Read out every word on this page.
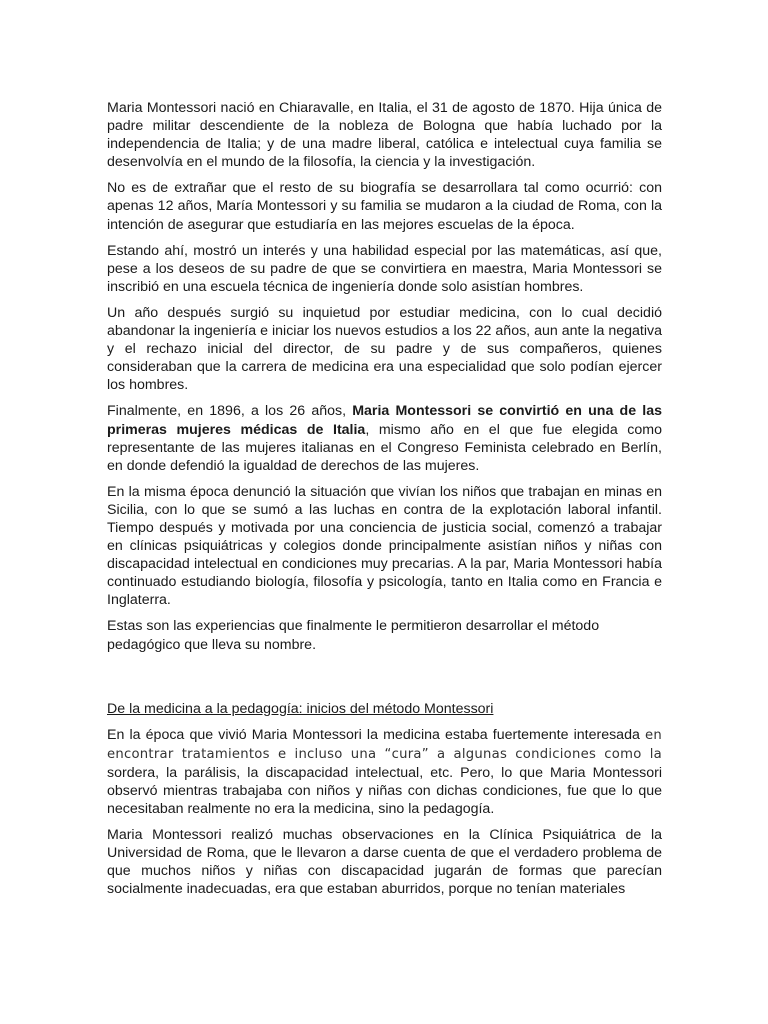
Maria Montessori nació en Chiaravalle, en Italia, el 31 de agosto de 1870. Hija única de padre militar descendiente de la nobleza de Bologna que había luchado por la independencia de Italia; y de una madre liberal, católica e intelectual cuya familia se desenvolvía en el mundo de la filosofía, la ciencia y la investigación.

No es de extrañar que el resto de su biografía se desarrollara tal como ocurrió: con apenas 12 años, María Montessori y su familia se mudaron a la ciudad de Roma, con la intención de asegurar que estudiaría en las mejores escuelas de la época.

Estando ahí, mostró un interés y una habilidad especial por las matemáticas, así que, pese a los deseos de su padre de que se convirtiera en maestra, Maria Montessori se inscribió en una escuela técnica de ingeniería donde solo asistían hombres.

Un año después surgió su inquietud por estudiar medicina, con lo cual decidió abandonar la ingeniería e iniciar los nuevos estudios a los 22 años, aun ante la negativa y el rechazo inicial del director, de su padre y de sus compañeros, quienes consideraban que la carrera de medicina era una especialidad que solo podían ejercer los hombres.

Finalmente, en 1896, a los 26 años, Maria Montessori se convirtió en una de las primeras mujeres médicas de Italia, mismo año en el que fue elegida como representante de las mujeres italianas en el Congreso Feminista celebrado en Berlín, en donde defendió la igualdad de derechos de las mujeres.

En la misma época denunció la situación que vivían los niños que trabajan en minas en Sicilia, con lo que se sumó a las luchas en contra de la explotación laboral infantil. Tiempo después y motivada por una conciencia de justicia social, comenzó a trabajar en clínicas psiquiátricas y colegios donde principalmente asistían niños y niñas con discapacidad intelectual en condiciones muy precarias. A la par, Maria Montessori había continuado estudiando biología, filosofía y psicología, tanto en Italia como en Francia e Inglaterra.

Estas son las experiencias que finalmente le permitieron desarrollar el método pedagógico que lleva su nombre.

De la medicina a la pedagogía: inicios del método Montessori

En la época que vivió Maria Montessori la medicina estaba fuertemente interesada en encontrar tratamientos e incluso una “cura” a algunas condiciones como la sordera, la parálisis, la discapacidad intelectual, etc. Pero, lo que Maria Montessori observó mientras trabajaba con niños y niñas con dichas condiciones, fue que lo que necesitaban realmente no era la medicina, sino la pedagogía.

Maria Montessori realizó muchas observaciones en la Clínica Psiquiátrica de la Universidad de Roma, que le llevaron a darse cuenta de que el verdadero problema de que muchos niños y niñas con discapacidad jugarán de formas que parecían socialmente inadecuadas, era que estaban aburridos, porque no tenían materiales
